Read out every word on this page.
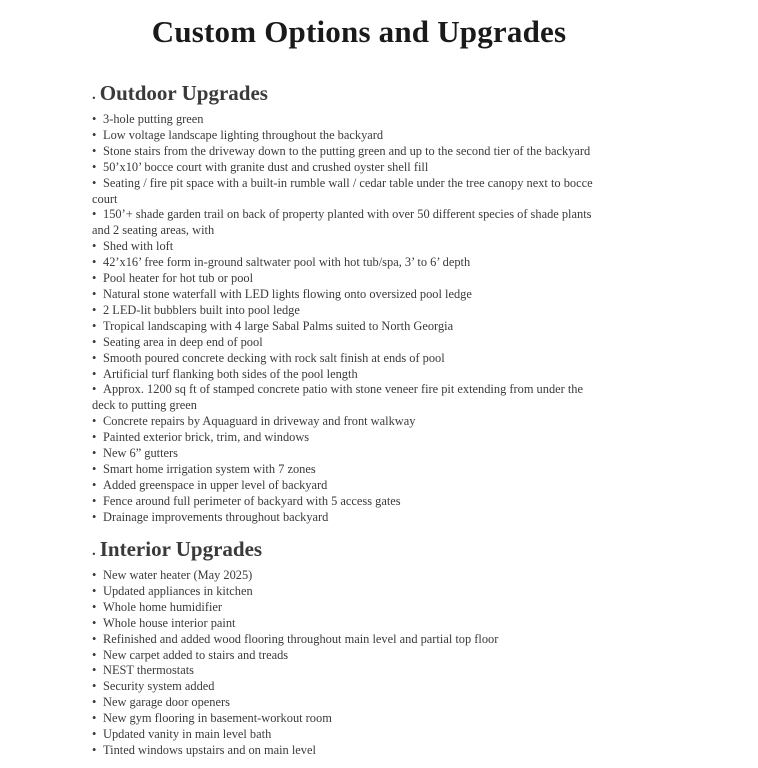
Custom Options and Upgrades
. Outdoor Upgrades
• 3-hole putting green
• Low voltage landscape lighting throughout the backyard
• Stone stairs from the driveway down to the putting green and up to the second tier of the backyard
• 50’x10’ bocce court with granite dust and crushed oyster shell fill
• Seating / fire pit space with a built-in rumble wall / cedar table under the tree canopy next to bocce
court
• 150’+ shade garden trail on back of property planted with over 50 different species of shade plants
and 2 seating areas, with
• Shed with loft
• 42’x16’ free form in-ground saltwater pool with hot tub/spa, 3’ to 6’ depth
• Pool heater for hot tub or pool
• Natural stone waterfall with LED lights flowing onto oversized pool ledge
• 2 LED-lit bubblers built into pool ledge
• Tropical landscaping with 4 large Sabal Palms suited to North Georgia
• Seating area in deep end of pool
• Smooth poured concrete decking with rock salt finish at ends of pool
• Artificial turf flanking both sides of the pool length
• Approx. 1200 sq ft of stamped concrete patio with stone veneer fire pit extending from under the
deck to putting green
• Concrete repairs by Aquaguard in driveway and front walkway
• Painted exterior brick, trim, and windows
• New 6” gutters
• Smart home irrigation system with 7 zones
• Added greenspace in upper level of backyard
• Fence around full perimeter of backyard with 5 access gates
• Drainage improvements throughout backyard
. Interior Upgrades
• New water heater (May 2025)
• Updated appliances in kitchen
• Whole home humidifier
• Whole house interior paint
• Refinished and added wood flooring throughout main level and partial top floor
• New carpet added to stairs and treads
• NEST thermostats
• Security system added
• New garage door openers
• New gym flooring in basement-workout room
• Updated vanity in main level bath
• Tinted windows upstairs and on main level
